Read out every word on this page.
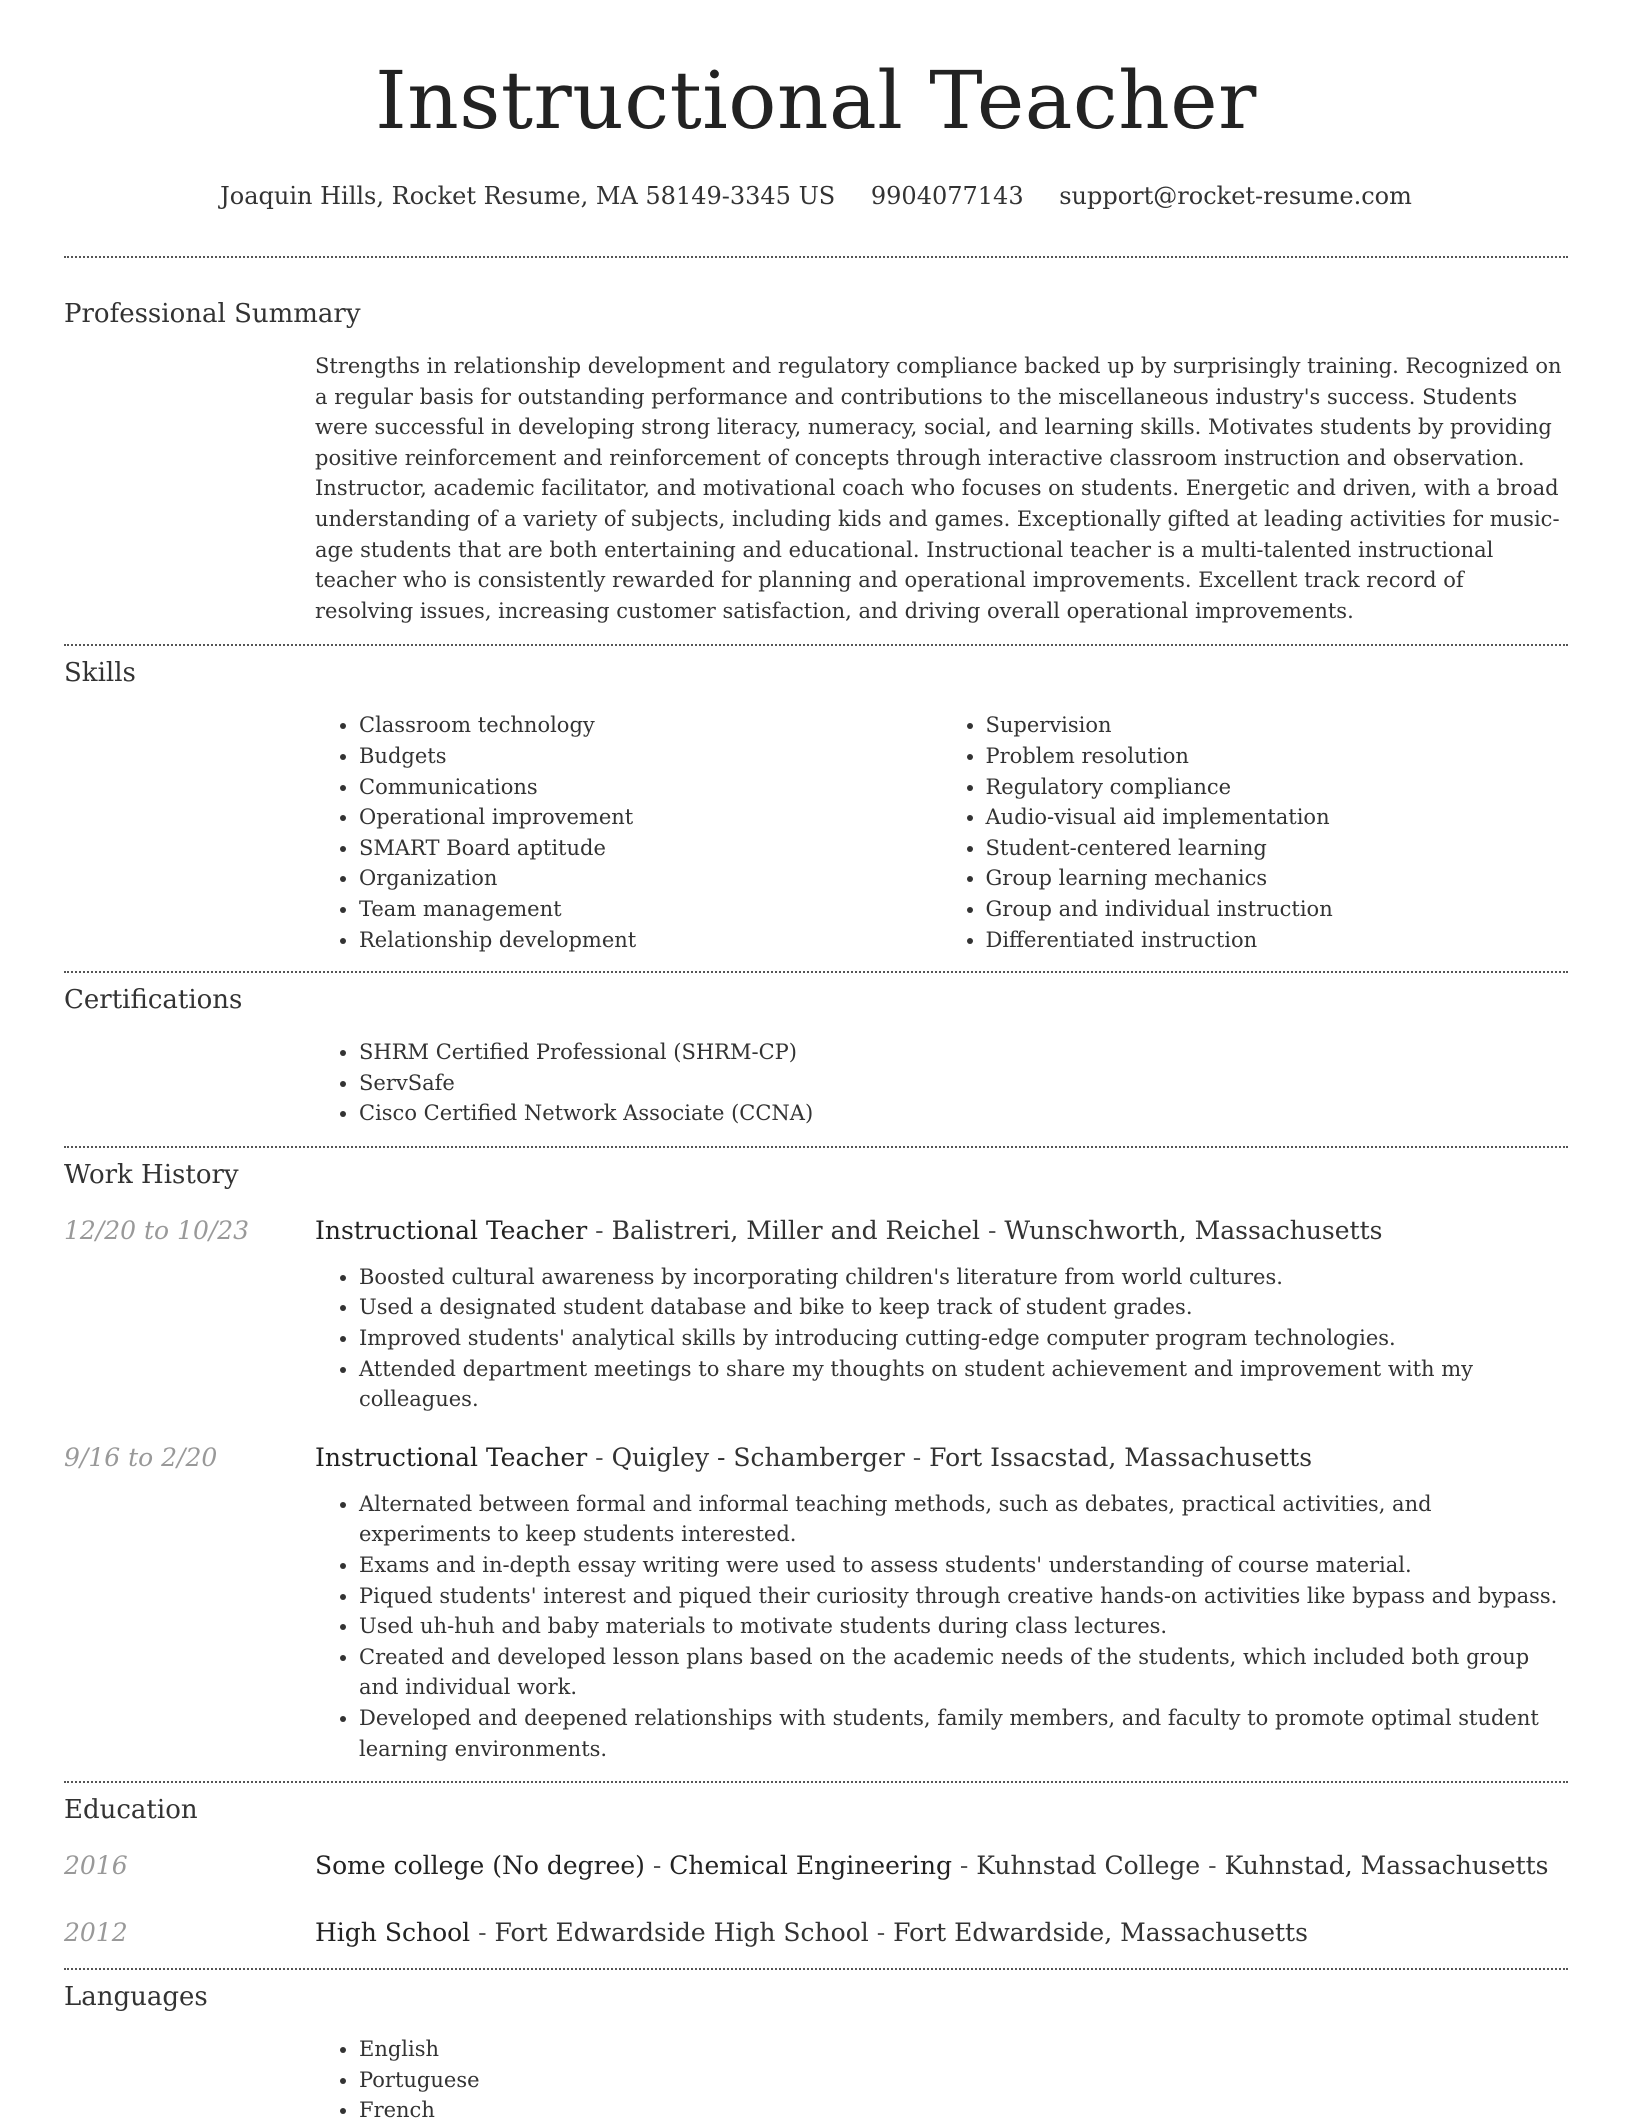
Instructional Teacher
Joaquin Hills, Rocket Resume, MA 58149-3345 US 9904077143 support@rocket-resume.com
Professional Summary

Strengths in relationship development and regulatory compliance backed up by surprisingly training. Recognized on a regular basis for outstanding performance and contributions to the miscellaneous industry's success. Students were successful in developing strong literacy, numeracy, social, and learning skills. Motivates students by providing positive reinforcement and reinforcement of concepts through interactive classroom instruction and observation. Instructor, academic facilitator, and motivational coach who focuses on students. Energetic and driven, with a broad understanding of a variety of subjects, including kids and games. Exceptionally gifted at leading activities for music-age students that are both entertaining and educational. Instructional teacher is a multi-talented instructional teacher who is consistently rewarded for planning and operational improvements. Excellent track record of resolving issues, increasing customer satisfaction, and driving overall operational improvements.

Skills
• Classroom technology
• Budgets
• Communications
• Operational improvement
• SMART Board aptitude
• Organization
• Team management
• Relationship development
• Supervision
• Problem resolution
• Regulatory compliance
• Audio-visual aid implementation
• Student-centered learning
• Group learning mechanics
• Group and individual instruction
• Differentiated instruction
Certifications
• SHRM Certified Professional (SHRM-CP)
• ServSafe
• Cisco Certified Network Associate (CCNA)
Work History
12/20 to 10/23	Instructional Teacher - Balistreri, Miller and Reichel - Wunschworth, Massachusetts
• Boosted cultural awareness by incorporating children's literature from world cultures.
• Used a designated student database and bike to keep track of student grades.
• Improved students' analytical skills by introducing cutting-edge computer program technologies.
• Attended department meetings to share my thoughts on student achievement and improvement with my colleagues.
9/16 to 2/20	Instructional Teacher - Quigley - Schamberger - Fort Issacstad, Massachusetts
• Alternated between formal and informal teaching methods, such as debates, practical activities, and experiments to keep students interested.
• Exams and in-depth essay writing were used to assess students' understanding of course material.
• Piqued students' interest and piqued their curiosity through creative hands-on activities like bypass and bypass.
• Used uh-huh and baby materials to motivate students during class lectures.
• Created and developed lesson plans based on the academic needs of the students, which included both group and individual work.
• Developed and deepened relationships with students, family members, and faculty to promote optimal student learning environments.
Education
2016	Some college (No degree) - Chemical Engineering - Kuhnstad College - Kuhnstad, Massachusetts
2012	High School - Fort Edwardside High School - Fort Edwardside, Massachusetts
Languages
• English
• Portuguese
• French
